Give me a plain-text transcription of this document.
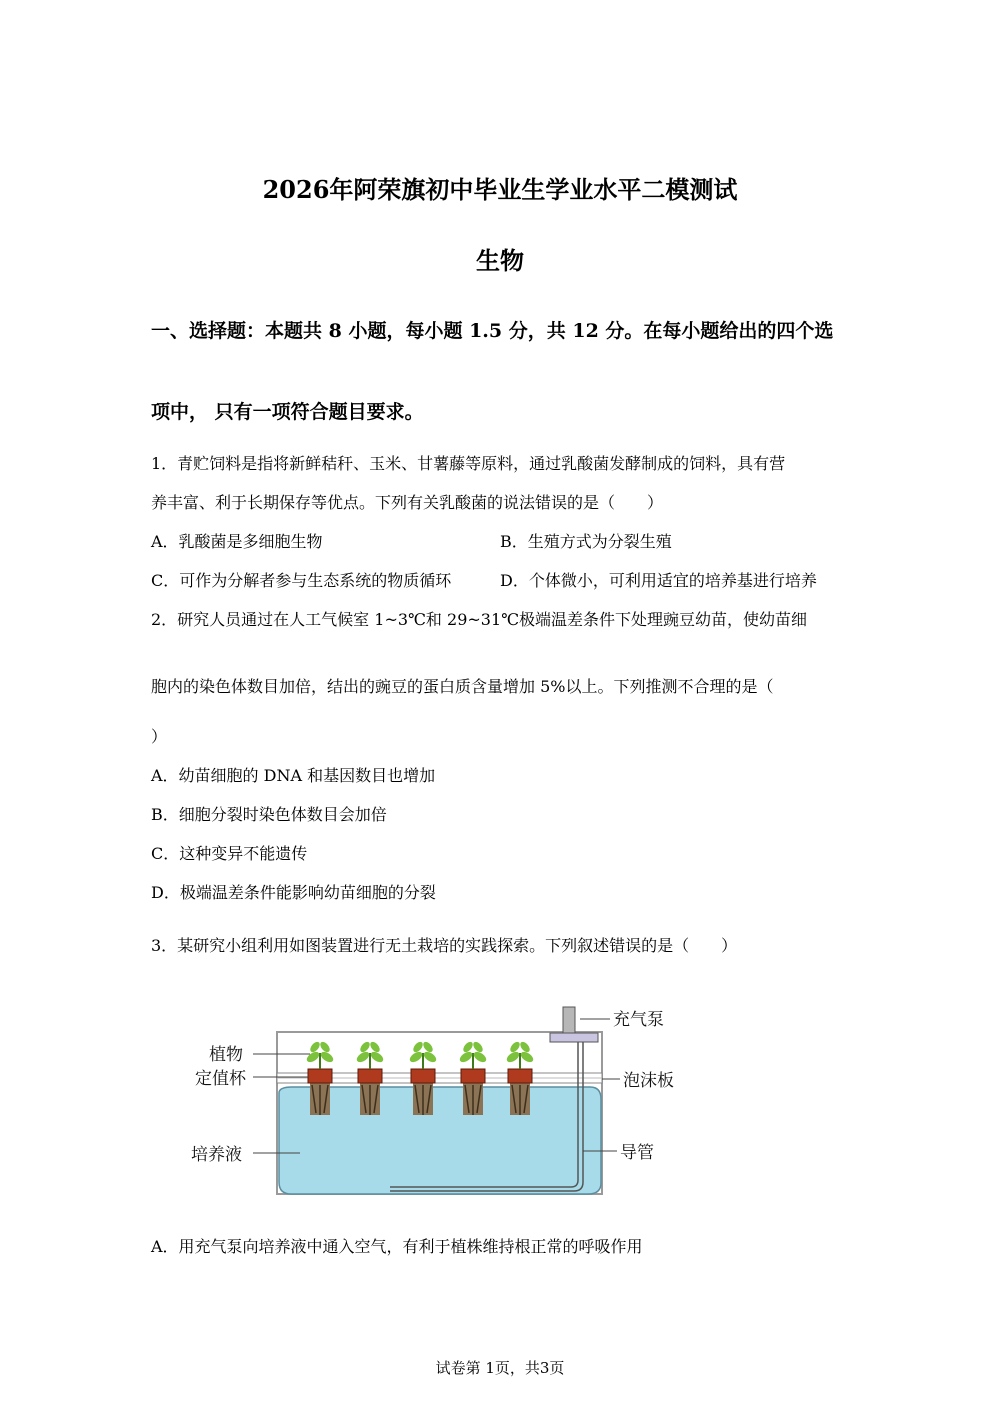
2026年阿荣旗初中毕业生学业水平二模测试
生物
一、选择题：本题共 8 小题，每小题 1.5 分，共 12 分。在每小题给出的四个选
项中， 只有一项符合题目要求。
1．青贮饲料是指将新鲜秸秆、玉米、甘薯藤等原料，通过乳酸菌发酵制成的饲料，具有营
养丰富、利于长期保存等优点。下列有关乳酸菌的说法错误的是（　　）
A．乳酸菌是多细胞生物	B．生殖方式为分裂生殖
C．可作为分解者参与生态系统的物质循环	D．个体微小，可利用适宜的培养基进行培养
2．研究人员通过在人工气候室 1~3℃和 29~31℃极端温差条件下处理豌豆幼苗，使幼苗细
胞内的染色体数目加倍，结出的豌豆的蛋白质含量增加 5%以上。下列推测不合理的是（
）
A．幼苗细胞的 DNA 和基因数目也增加
B．细胞分裂时染色体数目会加倍
C．这种变异不能遗传
D．极端温差条件能影响幼苗细胞的分裂
3．某研究小组利用如图装置进行无土栽培的实践探索。下列叙述错误的是（　　）
植物
定值杯
培养液
充气泵
泡沫板
导管
A．用充气泵向培养液中通入空气，有利于植株维持根正常的呼吸作用
试卷第 1页，共3页
